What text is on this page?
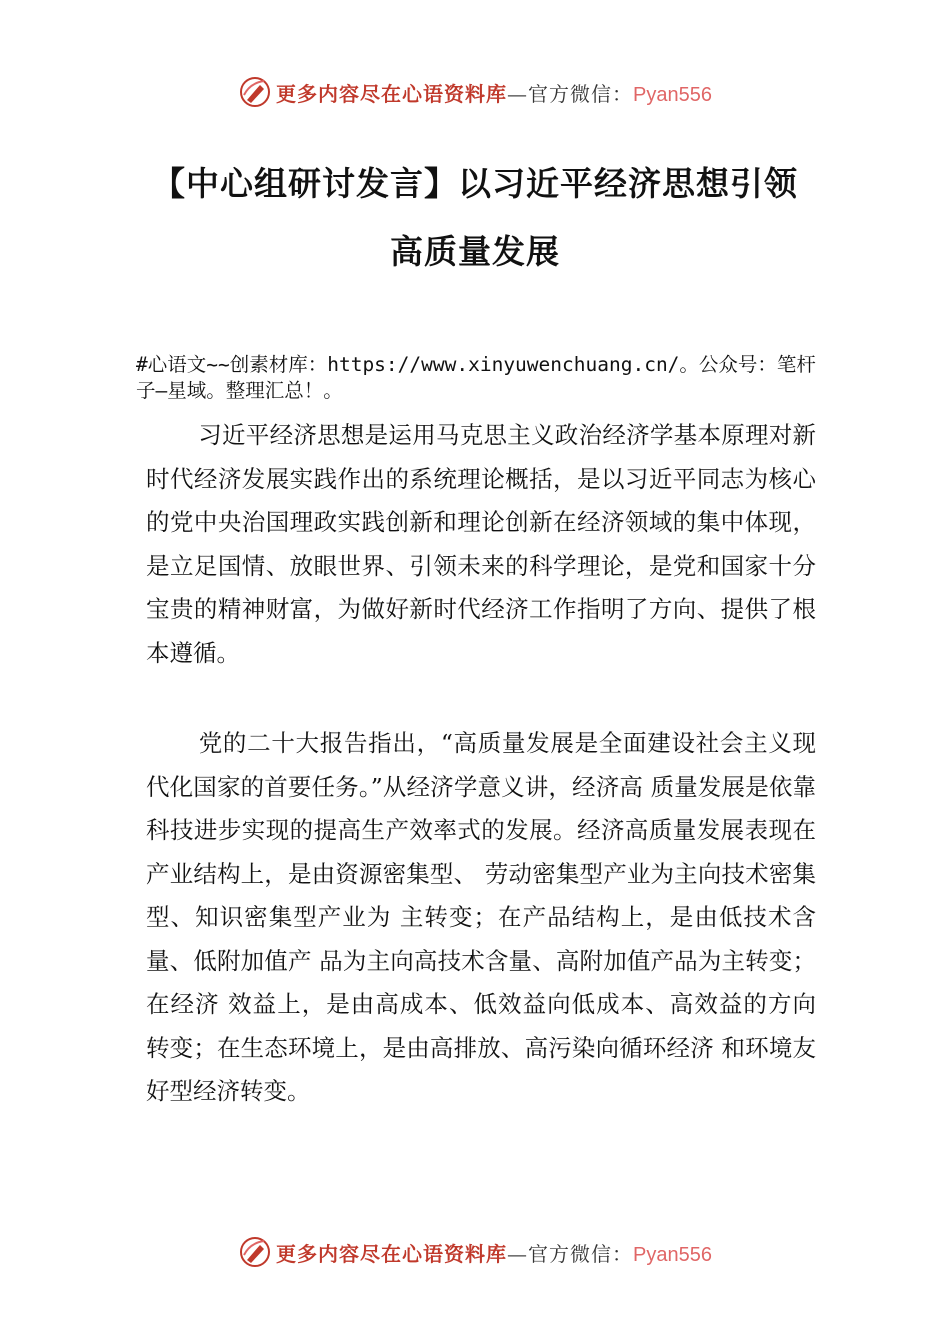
更多内容尽在心语资料库—官方微信：Pyan556
【中心组研讨发言】以习近平经济思想引领
高质量发展
#心语文~~创素材库：https://www.xinyuwenchuang.cn/。公众号：笔杆子—星域。整理汇总！。
习近平经济思想是运用马克思主义政治经济学基本原理对新时代经济发展实践作出的系统理论概括，是以习近平同志为核心的党中央治国理政实践创新和理论创新在经济领域的集中体现，是立足国情、放眼世界、引领未来的科学理论，是党和国家十分宝贵的精神财富，为做好新时代经济工作指明了方向、提供了根本遵循。
党的二十大报告指出，“高质量发展是全面建设社会主义现代化国家的首要任务。”从经济学意义讲，经济高 质量发展是依靠科技进步实现的提高生产效率式的发展。经济高质量发展表现在产业结构上，是由资源密集型、 劳动密集型产业为主向技术密集型、知识密集型产业为 主转变；在产品结构上，是由低技术含量、低附加值产 品为主向高技术含量、高附加值产品为主转变；在经济 效益上，是由高成本、低效益向低成本、高效益的方向 转变；在生态环境上，是由高排放、高污染向循环经济 和环境友好型经济转变。
更多内容尽在心语资料库—官方微信：Pyan556
